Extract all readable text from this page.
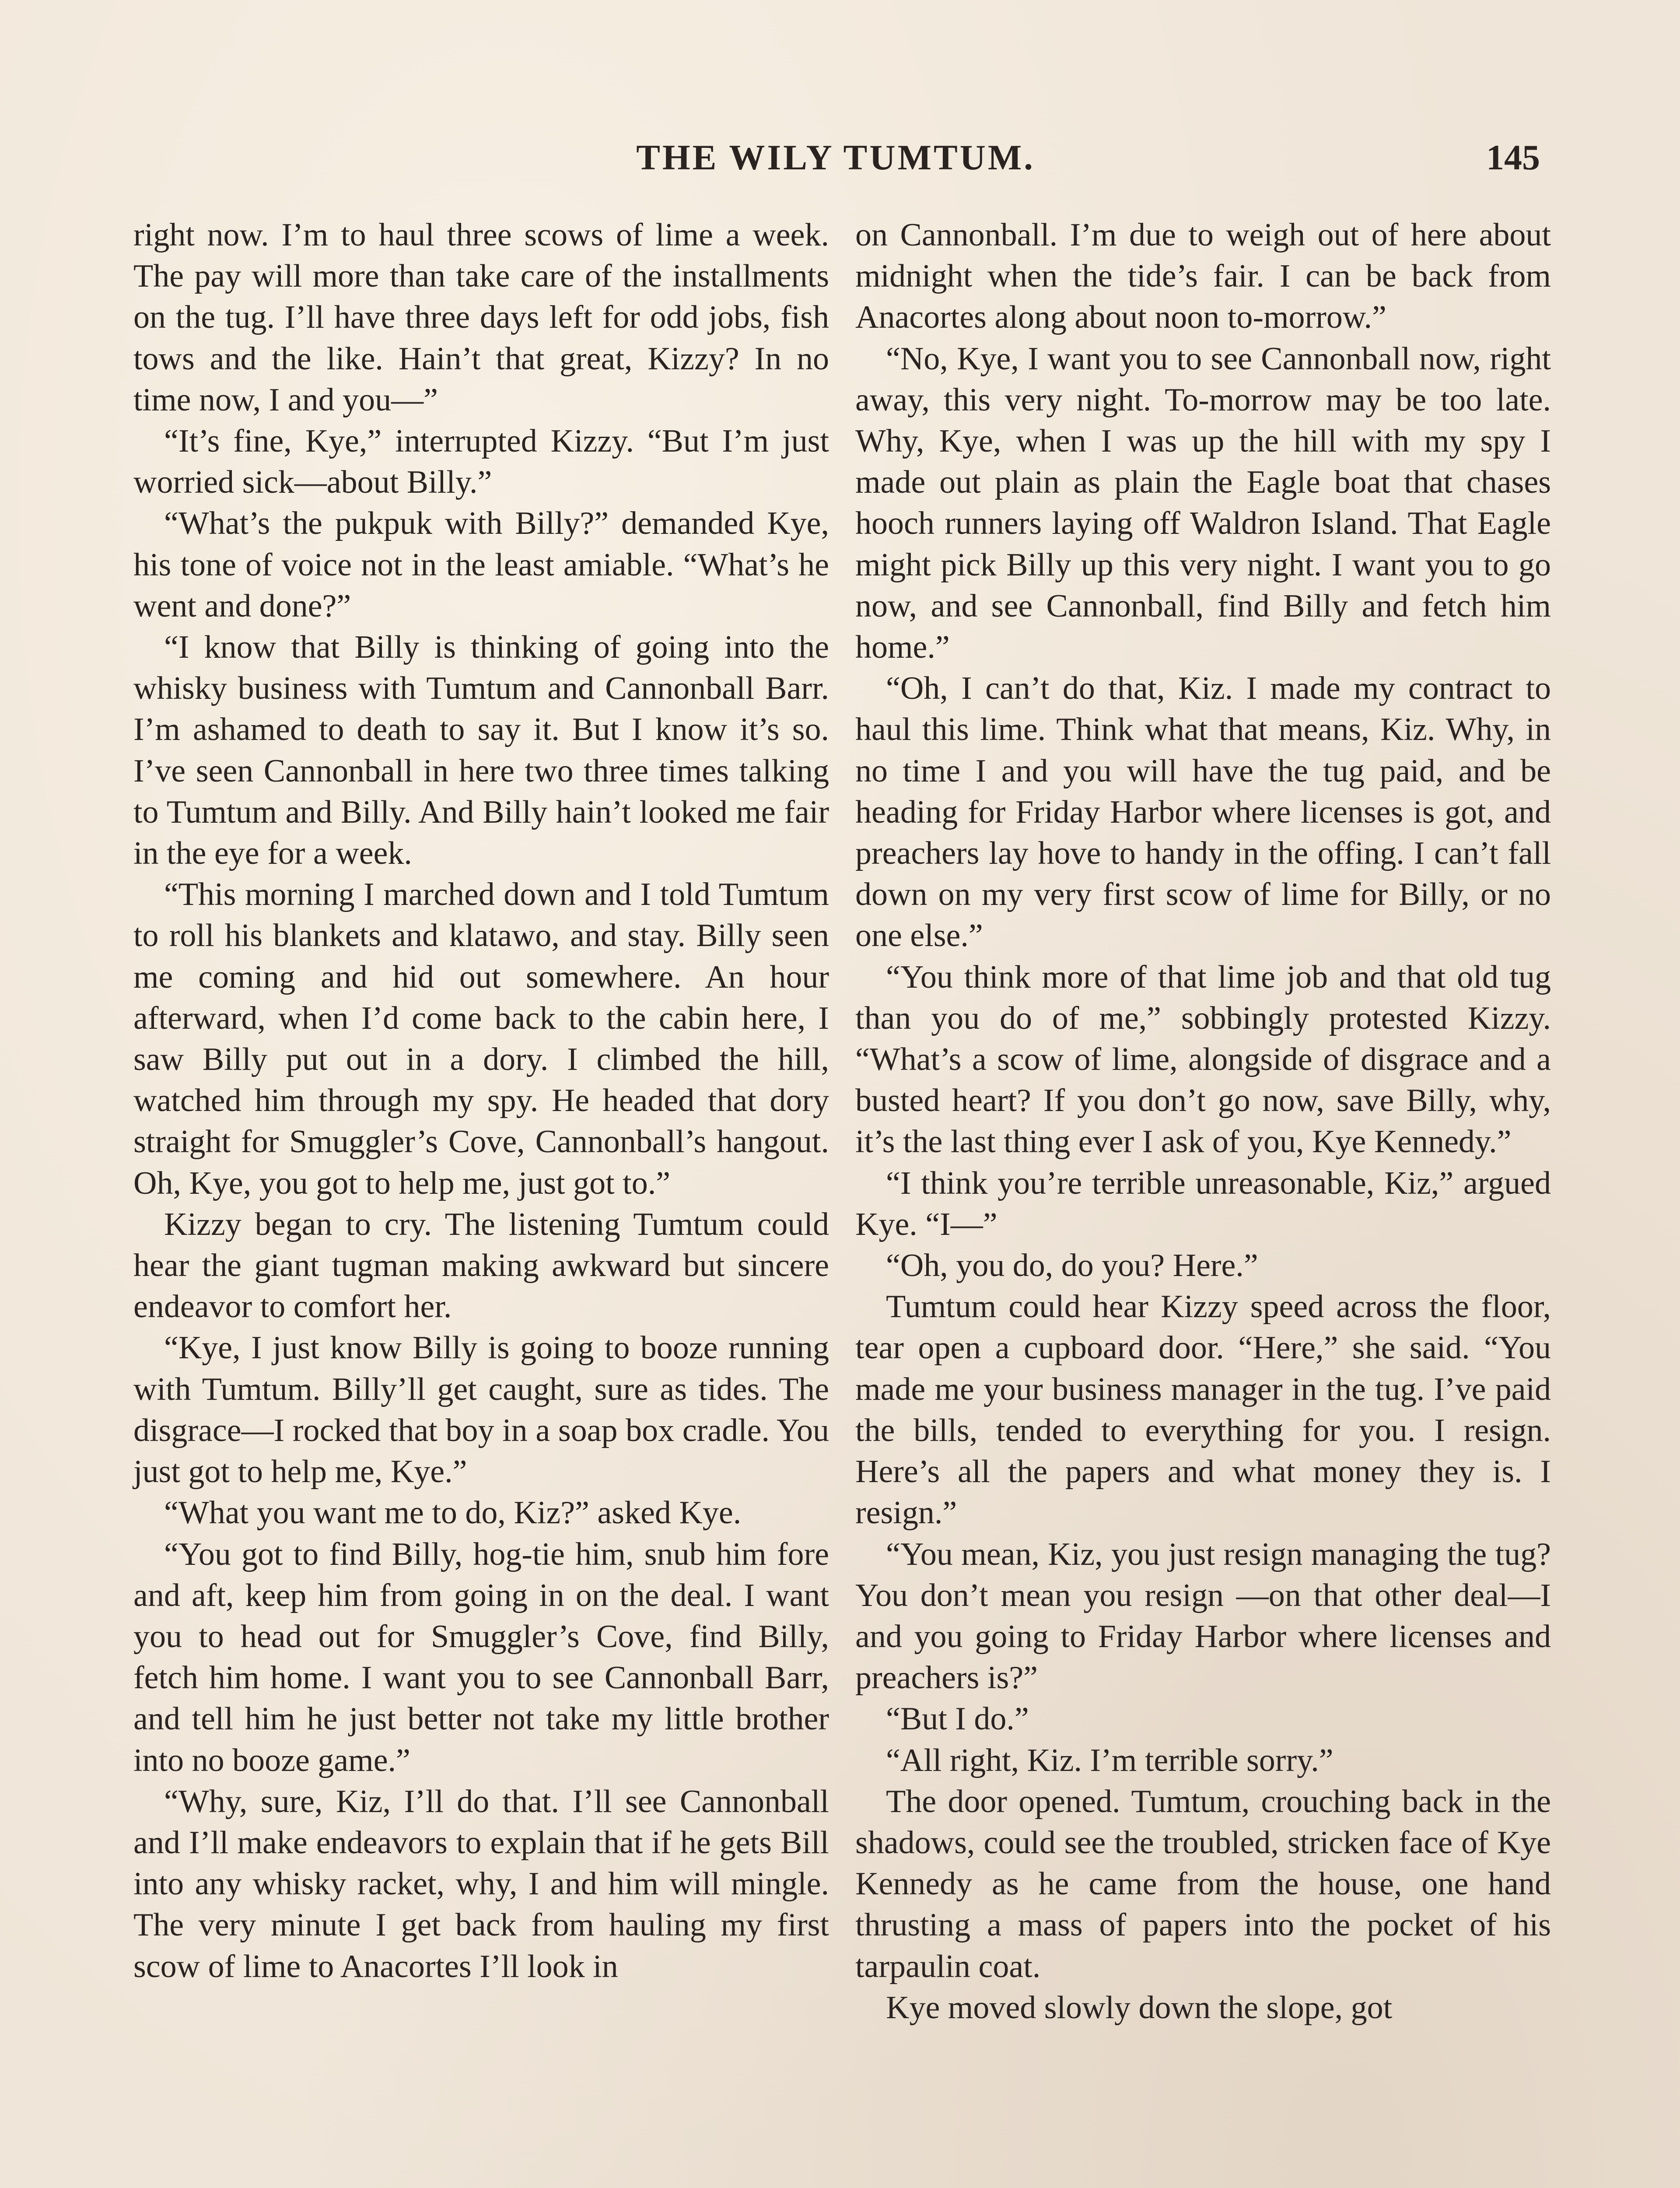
THE WILY TUMTUM.	145

right now. I’m to haul three scows of lime a week. The pay will more than take care of the installments on the tug. I’ll have three days left for odd jobs, fish tows and the like. Hain’t that great, Kizzy? In no time now, I and you—”

“It’s fine, Kye,” interrupted Kizzy. “But I’m just worried sick—about Billy.”

“What’s the pukpuk with Billy?” demanded Kye, his tone of voice not in the least amiable. “What’s he went and done?”

“I know that Billy is thinking of going into the whisky business with Tumtum and Cannonball Barr. I’m ashamed to death to say it. But I know it’s so. I’ve seen Cannonball in here two three times talking to Tumtum and Billy. And Billy hain’t looked me fair in the eye for a week.

“This morning I marched down and I told Tumtum to roll his blankets and klatawo, and stay. Billy seen me coming and hid out somewhere. An hour afterward, when I’d come back to the cabin here, I saw Billy put out in a dory. I climbed the hill, watched him through my spy. He headed that dory straight for Smuggler’s Cove, Cannonball’s hangout. Oh, Kye, you got to help me, just got to.”

Kizzy began to cry. The listening Tumtum could hear the giant tugman making awkward but sincere endeavor to comfort her.

“Kye, I just know Billy is going to booze running with Tumtum. Billy’ll get caught, sure as tides. The disgrace—I rocked that boy in a soap box cradle. You just got to help me, Kye.”

“What you want me to do, Kiz?” asked Kye.

“You got to find Billy, hog-tie him, snub him fore and aft, keep him from going in on the deal. I want you to head out for Smuggler’s Cove, find Billy, fetch him home. I want you to see Cannonball Barr, and tell him he just better not take my little brother into no booze game.”

“Why, sure, Kiz, I’ll do that. I’ll see Cannonball and I’ll make endeavors to explain that if he gets Bill into any whisky racket, why, I and him will mingle. The very minute I get back from hauling my first scow of lime to Anacortes I’ll look in

on Cannonball. I’m due to weigh out of here about midnight when the tide’s fair. I can be back from Anacortes along about noon to-morrow.”

“No, Kye, I want you to see Cannonball now, right away, this very night. To-morrow may be too late. Why, Kye, when I was up the hill with my spy I made out plain as plain the Eagle boat that chases hooch runners laying off Waldron Island. That Eagle might pick Billy up this very night. I want you to go now, and see Cannonball, find Billy and fetch him home.”

“Oh, I can’t do that, Kiz. I made my contract to haul this lime. Think what that means, Kiz. Why, in no time I and you will have the tug paid, and be heading for Friday Harbor where licenses is got, and preachers lay hove to handy in the offing. I can’t fall down on my very first scow of lime for Billy, or no one else.”

“You think more of that lime job and that old tug than you do of me,” sobbingly protested Kizzy. “What’s a scow of lime, alongside of disgrace and a busted heart? If you don’t go now, save Billy, why, it’s the last thing ever I ask of you, Kye Kennedy.”

“I think you’re terrible unreasonable, Kiz,” argued Kye. “I—”

“Oh, you do, do you? Here.”

Tumtum could hear Kizzy speed across the floor, tear open a cupboard door. “Here,” she said. “You made me your business manager in the tug. I’ve paid the bills, tended to everything for you. I resign. Here’s all the papers and what money they is. I resign.”

“You mean, Kiz, you just resign managing the tug? You don’t mean you resign —on that other deal—I and you going to Friday Harbor where licenses and preachers is?”

“But I do.”

“All right, Kiz. I’m terrible sorry.”

The door opened. Tumtum, crouching back in the shadows, could see the troubled, stricken face of Kye Kennedy as he came from the house, one hand thrusting a mass of papers into the pocket of his tarpaulin coat.

Kye moved slowly down the slope, got
